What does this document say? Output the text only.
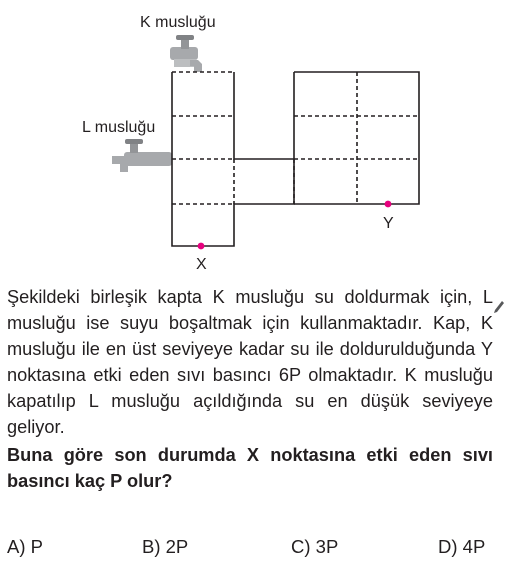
K musluğu
L musluğu
X
Y

Şekildeki birleşik kapta K musluğu su doldurmak için, L musluğu ise suyu boşaltmak için kullanmaktadır. Kap, K musluğu ile en üst seviyeye kadar su ile doldurulduğunda Y noktasına etki eden sıvı basıncı 6P olmaktadır. K musluğu kapatılıp L musluğu açıldığında su en düşük seviyeye geliyor.

Buna göre son durumda X noktasına etki eden sıvı basıncı kaç P olur?

A) P	B) 2P	C) 3P	D) 4P
